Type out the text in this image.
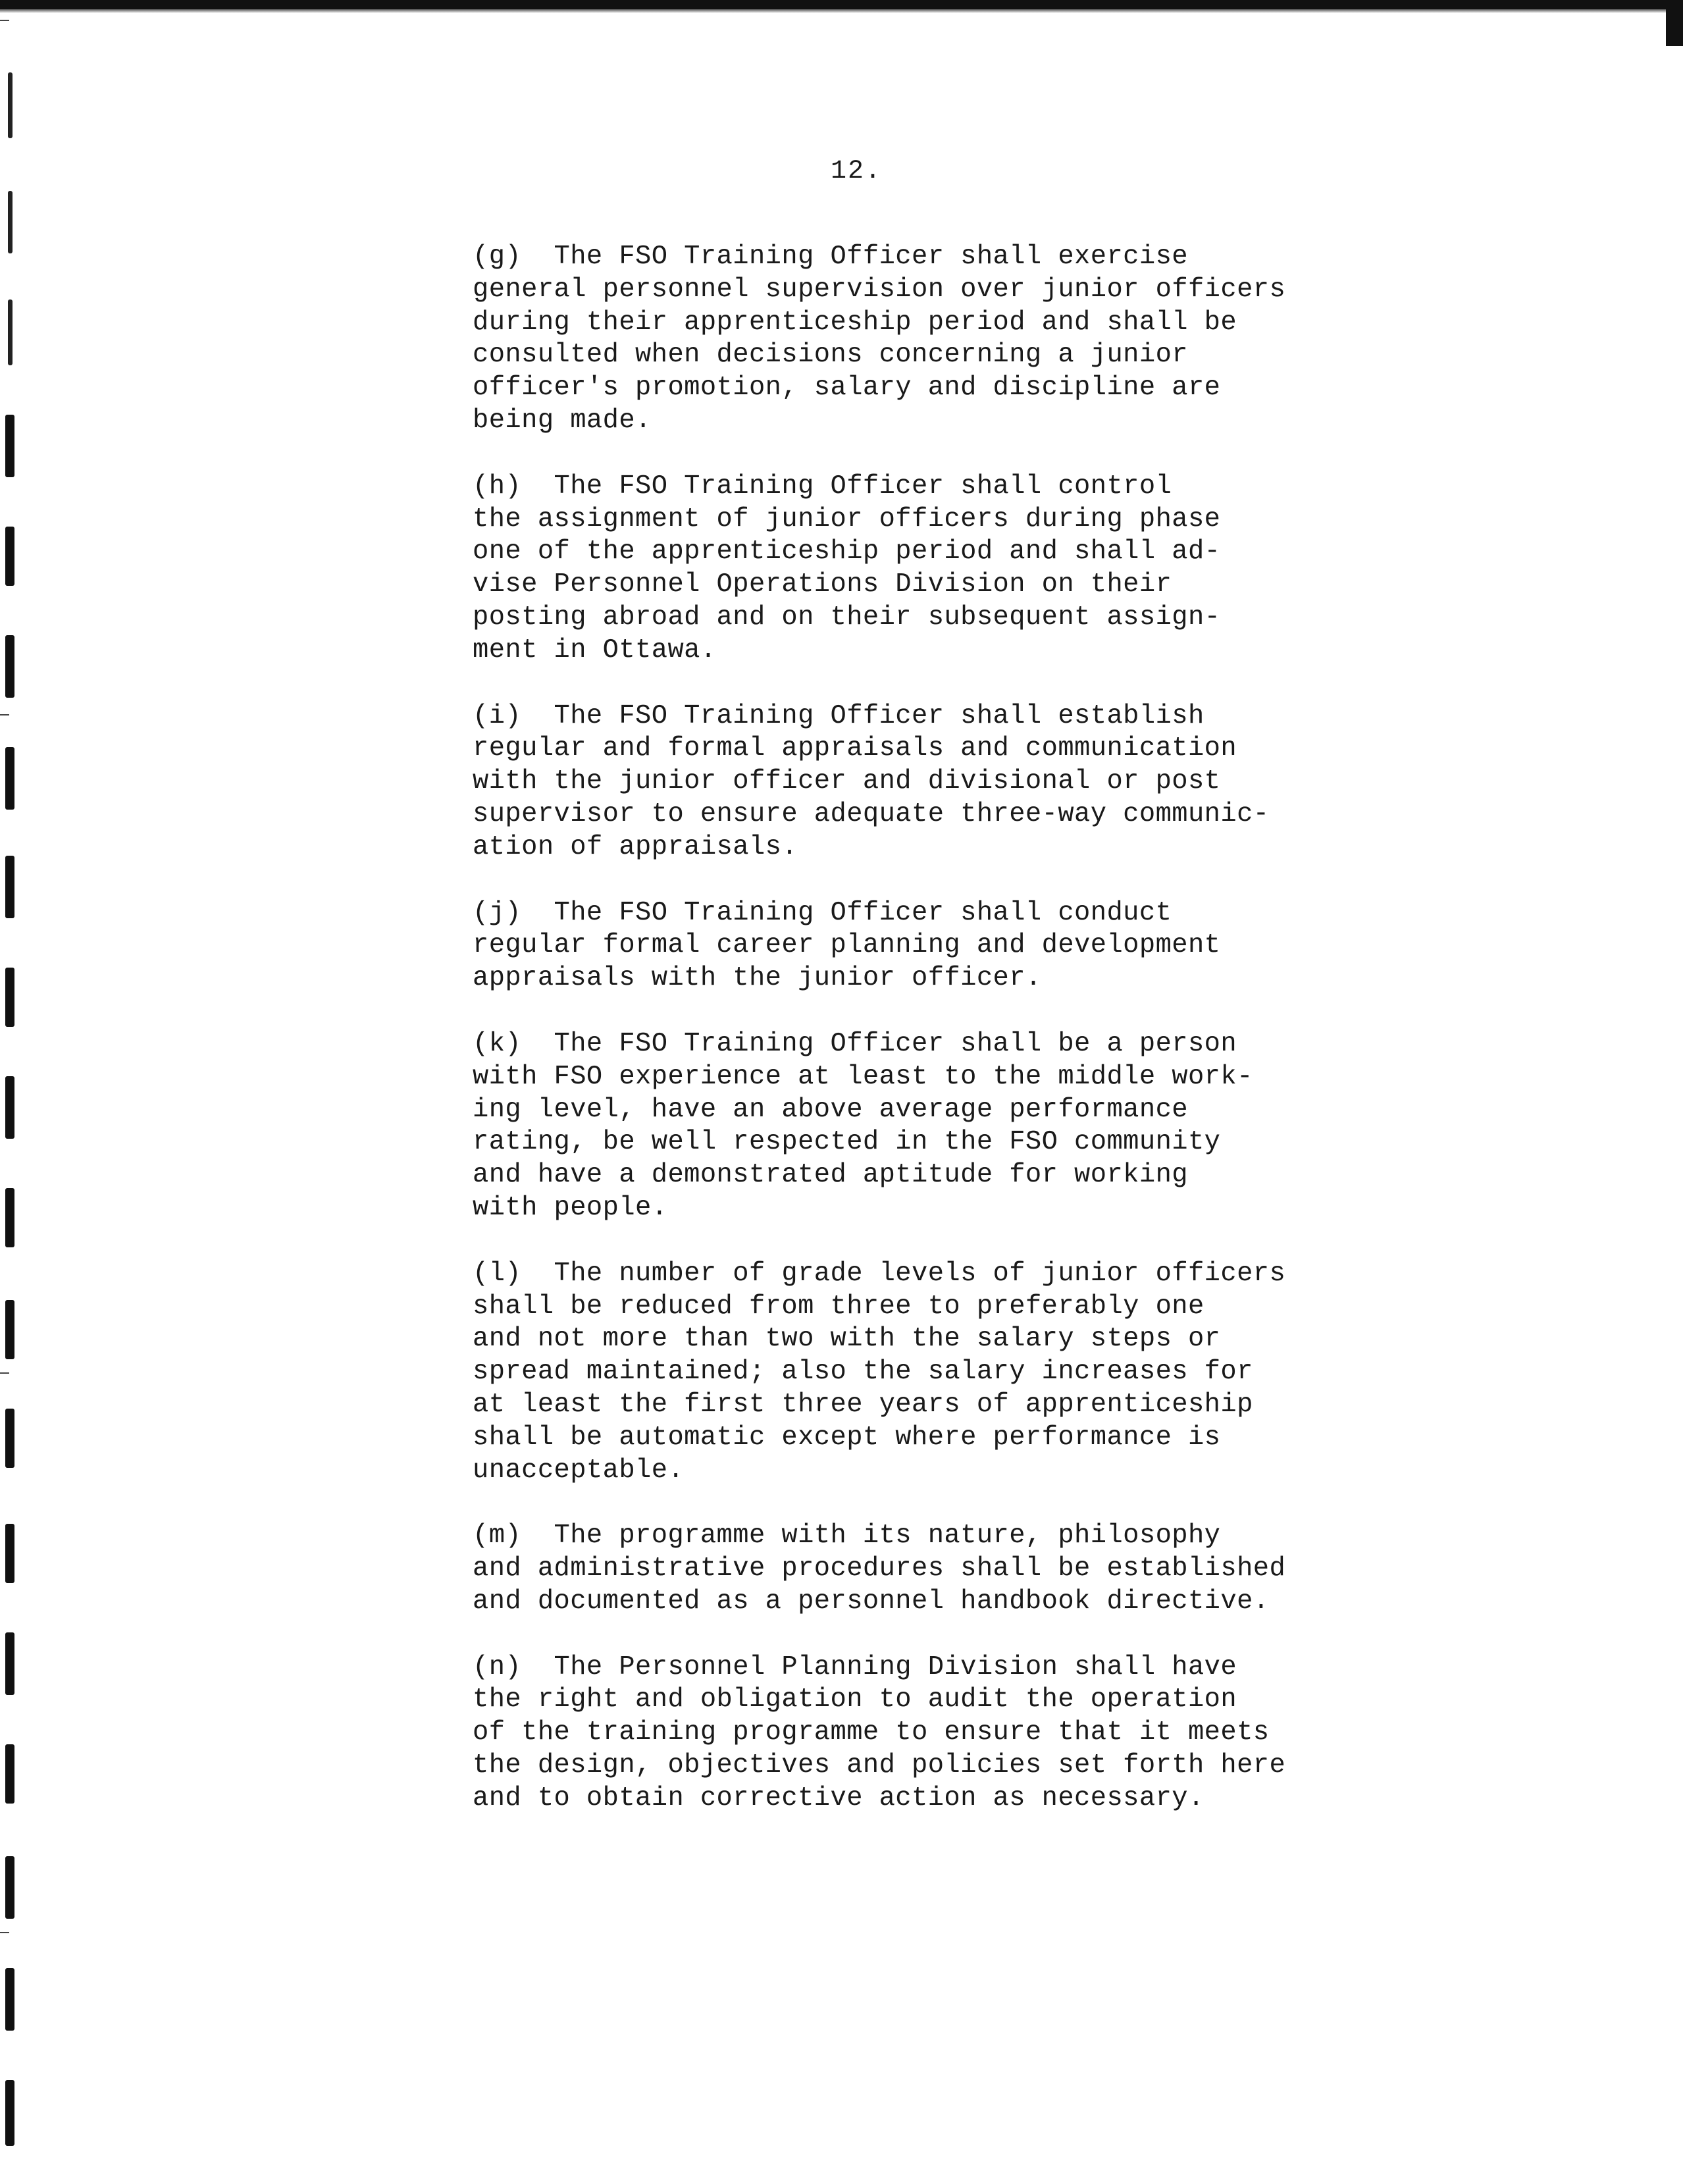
12.
(g)  The FSO Training Officer shall exercise
general personnel supervision over junior officers
during their apprenticeship period and shall be
consulted when decisions concerning a junior
officer's promotion, salary and discipline are
being made.
(h)  The FSO Training Officer shall control
the assignment of junior officers during phase
one of the apprenticeship period and shall ad-
vise Personnel Operations Division on their
posting abroad and on their subsequent assign-
ment in Ottawa.
(i)  The FSO Training Officer shall establish
regular and formal appraisals and communication
with the junior officer and divisional or post
supervisor to ensure adequate three-way communic-
ation of appraisals.
(j)  The FSO Training Officer shall conduct
regular formal career planning and development
appraisals with the junior officer.
(k)  The FSO Training Officer shall be a person
with FSO experience at least to the middle work-
ing level, have an above average performance
rating, be well respected in the FSO community
and have a demonstrated aptitude for working
with people.
(l)  The number of grade levels of junior officers
shall be reduced from three to preferably one
and not more than two with the salary steps or
spread maintained; also the salary increases for
at least the first three years of apprenticeship
shall be automatic except where performance is
unacceptable.
(m)  The programme with its nature, philosophy
and administrative procedures shall be established
and documented as a personnel handbook directive.
(n)  The Personnel Planning Division shall have
the right and obligation to audit the operation
of the training programme to ensure that it meets
the design, objectives and policies set forth here
and to obtain corrective action as necessary.
